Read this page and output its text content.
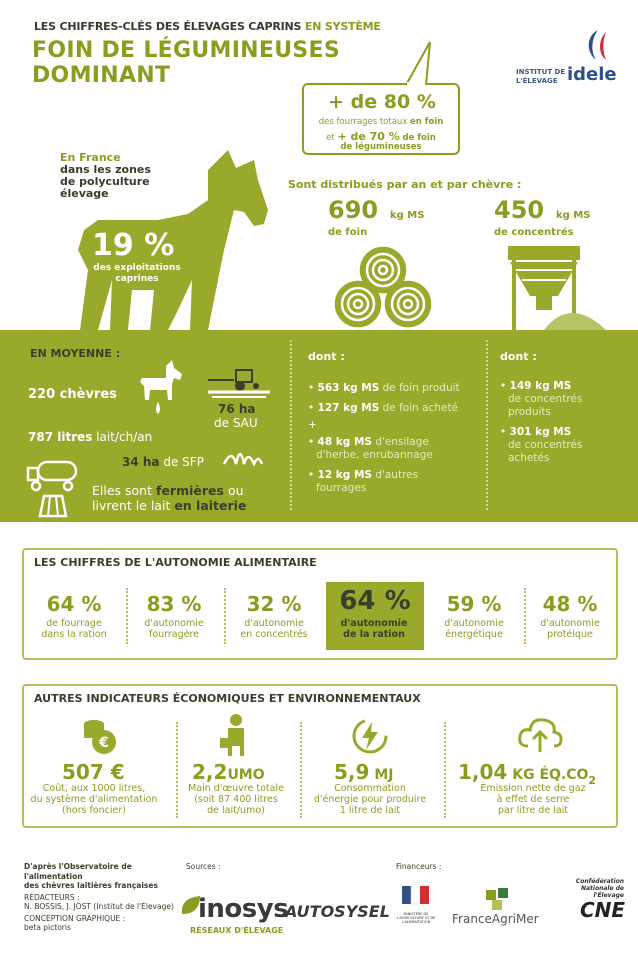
LES CHIFFRES-CLÉS DES ÉLEVAGES CAPRINS EN SYSTÈME
FOIN DE LÉGUMINEUSES
DOMINANT	INSTITUT DE
L'ÉLEVAGE idele
+ de 80 %
des fourrages totaux en foin
et + de 70 % de foin
de légumineuses
En France
dans les zones
de polyculture
élevage
19 %
des exploitations
caprines
Sont distribués par an et par chèvre :
690 kg MS
de foin
450 kg MS
de concentrés
EN MOYENNE :
220 chèvres
76 ha
de SAU
787 litres lait/ch/an
34 ha de SFP
Elles sont fermières ou
livrent le lait en laiterie
dont :
• 563 kg MS de foin produit
• 127 kg MS de foin acheté
+
• 48 kg MS d'ensilage
d'herbe, enrubannage
• 12 kg MS d'autres
fourrages
dont :
• 149 kg MS
de concentrés
produits
• 301 kg MS
de concentrés
achetés
LES CHIFFRES DE L'AUTONOMIE ALIMENTAIRE
64 %
de fourrage
dans la ration
83 %
d'autonomie
fourragère
32 %
d'autonomie
en concentrés
64 %
d'autonomie
de la ration
59 %
d'autonomie
énergétique
48 %
d'autonomie
protéique
AUTRES INDICATEURS ÉCONOMIQUES ET ENVIRONNEMENTAUX
€
507 €
Coût, aux 1000 litres,
du système d'alimentation
(hors foncier)
2,2UMO
Main d'œuvre totale
(soit 87 400 litres
de lait/umo)
5,9 MJ
Consommation
d'énergie pour produire
1 litre de lait
1,04 KG $ÉQ.CO_2$
Émission nette de gaz
à effet de serre
par litre de lait
D'après l'Observatoire de l'alimentation
des chèvres laitières françaises
RÉDACTEURS :
N. BOSSIS, J. JOST (Institut de l'Élevage)
CONCEPTION GRAPHIQUE :
beta pictoris
Sources :	Financeurs :
inosys
RÉSEAUX D'ÉLEVAGE
AUTOSYSEL	MINISTÈRE DE L'AGRICULTURE ET DE L'ALIMENTATION	FranceAgriMer
Confédération Nationale de l'Élevage
CNE
